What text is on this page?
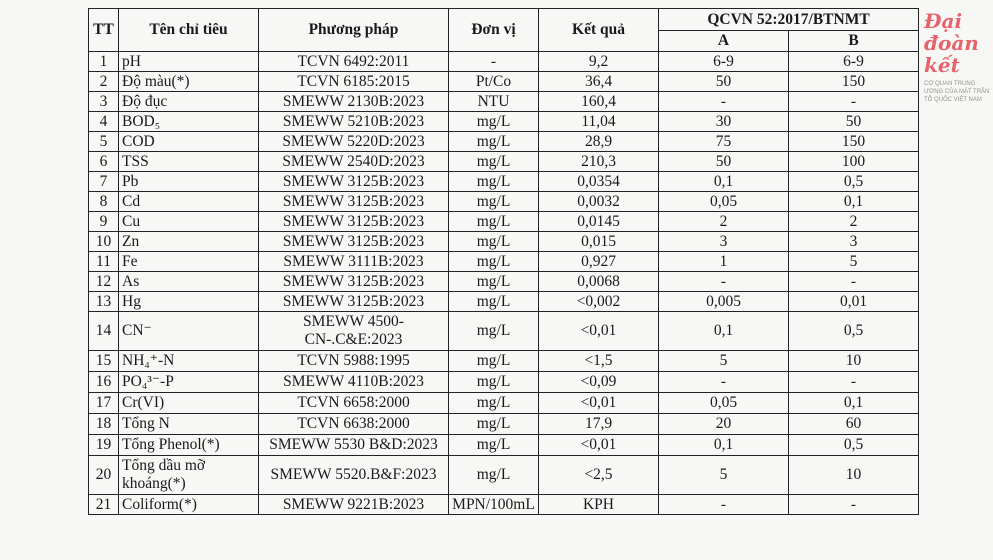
TT	Tên chỉ tiêu	Phương pháp	Đơn vị	Kết quả	QCVN 52:2017/BTNMT	
					A	B
1	pH	TCVN 6492:2011	-	9,2	6-9	6-9
2	Độ màu(*)	TCVN 6185:2015	Pt/Co	36,4	50	150
3	Độ đục	SMEWW 2130B:2023	NTU	160,4	-	-
4	BOD₅	SMEWW 5210B:2023	mg/L	11,04	30	50
5	COD	SMEWW 5220D:2023	mg/L	28,9	75	150
6	TSS	SMEWW 2540D:2023	mg/L	210,3	50	100
7	Pb	SMEWW 3125B:2023	mg/L	0,0354	0,1	0,5
8	Cd	SMEWW 3125B:2023	mg/L	0,0032	0,05	0,1
9	Cu	SMEWW 3125B:2023	mg/L	0,0145	2	2
10	Zn	SMEWW 3125B:2023	mg/L	0,015	3	3
11	Fe	SMEWW 3111B:2023	mg/L	0,927	1	5
12	As	SMEWW 3125B:2023	mg/L	0,0068	-	-
13	Hg	SMEWW 3125B:2023	mg/L	<0,002	0,005	0,01
14	CN⁻	SMEWW 4500-CN-.C&E:2023	mg/L	<0,01	0,1	0,5
15	NH₄⁺-N	TCVN 5988:1995	mg/L	<1,5	5	10
16	PO₄³⁻-P	SMEWW 4110B:2023	mg/L	<0,09	-	-
17	Cr(VI)	TCVN 6658:2000	mg/L	<0,01	0,05	0,1
18	Tổng N	TCVN 6638:2000	mg/L	17,9	20	60
19	Tổng Phenol(*)	SMEWW 5530 B&D:2023	mg/L	<0,01	0,1	0,5
20	Tổng dầu mỡ khoáng(*)	SMEWW 5520.B&F:2023	mg/L	<2,5	5	10
21	Coliform(*)	SMEWW 9221B:2023	MPN/100mL	KPH	-	-
Đại đoàn kết
CƠ QUAN TRUNG ƯƠNG CỦA MẶT TRẬN TỔ QUỐC VIỆT NAM
